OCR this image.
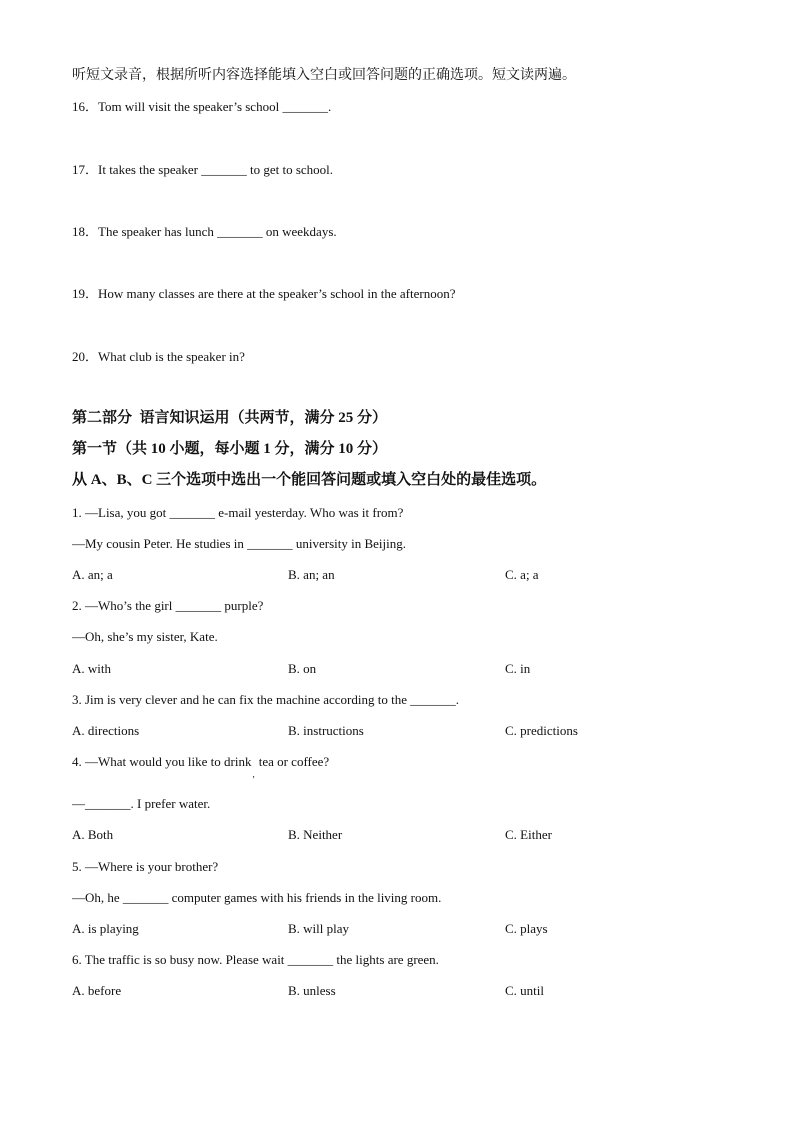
听短文录音，根据所听内容选择能填入空白或回答问题的正确选项。短文读两遍。
16．Tom will visit the speaker’s school _______.

17．It takes the speaker _______ to get to school.

18．The speaker has lunch _______ on weekdays.

19．How many classes are there at the speaker’s school in the afternoon?

20．What club is the speaker in?

第二部分  语言知识运用（共两节，满分 25 分）
第一节（共 10 小题，每小题 1 分，满分 10 分）
从 A、B、C 三个选项中选出一个能回答问题或填入空白处的最佳选项。
1. —Lisa, you got _______ e-mail yesterday. Who was it from?
—My cousin Peter. He studies in _______ university in Beijing.
A. an; a	B. an; an	C. a; a
2. —Who’s the girl _______ purple?
—Oh, she’s my sister, Kate.
A. with	B. on	C. in
3. Jim is very clever and he can fix the machine according to the _______.
A. directions	B. instructions	C. predictions
4. —What would you like to drink$_,$tea or coffee?
—_______. I prefer water.
A. Both	B. Neither	C. Either
5. —Where is your brother?
—Oh, he _______ computer games with his friends in the living room.
A. is playing	B. will play	C. plays
6. The traffic is so busy now. Please wait _______ the lights are green.
A. before	B. unless	C. until
